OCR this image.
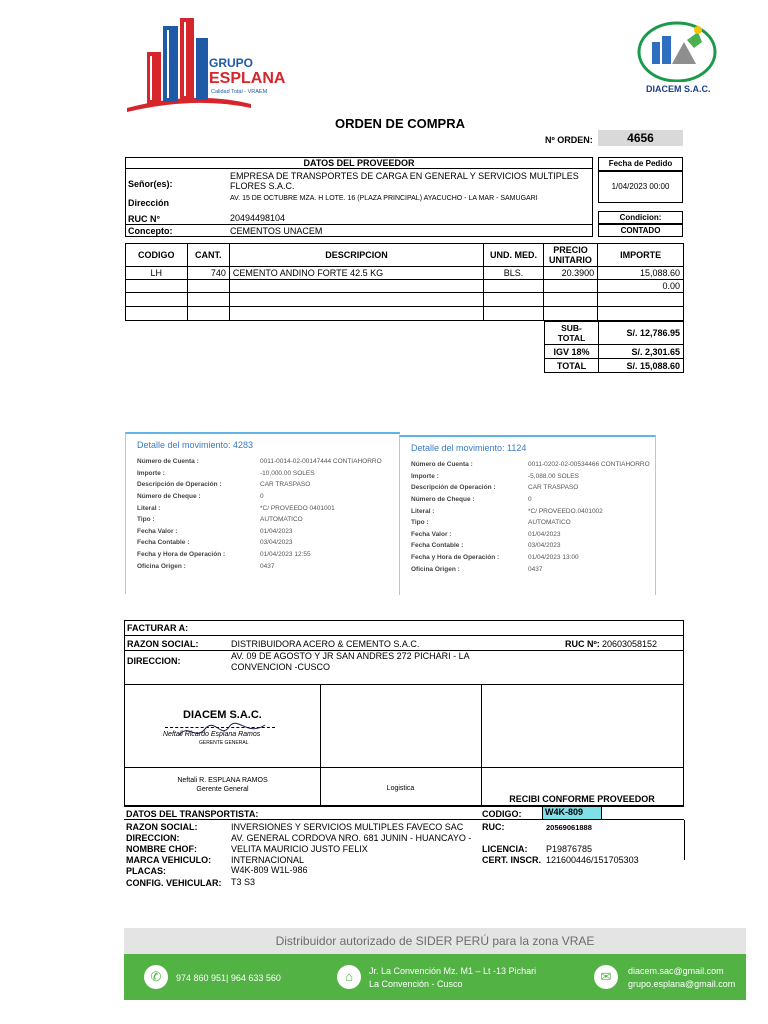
GRUPO
ESPLANA
Calidad Total - VRAEM	DIACEM S.A.C.
ORDEN DE COMPRA
Nº ORDEN:	4656
DATOS DEL PROVEEDOR
Señor(es):
EMPRESA DE TRANSPORTES DE CARGA EN GENERAL Y SERVICIOS MULTIPLES FLORES S.A.C.
Dirección	AV. 15 DE OCTUBRE MZA. H LOTE. 16 (PLAZA PRINCIPAL) AYACUCHO - LA MAR - SAMUGARI
RUC N°	20494498104
Concepto:	CEMENTOS UNACEM
Fecha de Pedido
1/04/2023 00:00
Condicion:
CONTADO
CODIGO	CANT.	DESCRIPCION	UND. MED.	PRECIO UNITARIO	IMPORTE
LH	740	CEMENTO ANDINO FORTE 42.5 KG	BLS.	20.3900	15,088.60
					0.00

SUB-TOTAL	S/. 12,786.95
IGV 18%	S/. 2,301.65
TOTAL	S/. 15,088.60
Detalle del movimiento: 4283
Número de Cuenta :	0011-0014-02-00147444 CONTIAHORRO
Importe :	-10,000.00 SOLES
Descripción de Operación :	CAR TRASPASO
Número de Cheque :	0
Literal :	*C/ PROVEEDO 0401001
Tipo :	AUTOMATICO
Fecha Valor :	01/04/2023
Fecha Contable :	03/04/2023
Fecha y Hora de Operación :	01/04/2023 12:55
Oficina Origen :	0437
Detalle del movimiento: 1124
Número de Cuenta :	0011-0202-02-00534466 CONTIAHORRO
Importe :	-5,088.00 SOLES
Descripción de Operación :	CAR TRASPASO
Número de Cheque :	0
Literal :	*C/ PROVEEDO.0401002
Tipo :	AUTOMATICO
Fecha Valor :	01/04/2023
Fecha Contable :	03/04/2023
Fecha y Hora de Operación :	01/04/2023 13:00
Oficina Origen :	0437
FACTURAR A:
RAZON SOCIAL:	DISTRIBUIDORA ACERO & CEMENTO S.A.C.	RUC Nº: 20603058152
DIRECCION:	AV. 09 DE AGOSTO Y JR SAN ANDRES 272 PICHARI - LA CONVENCION -CUSCO
DIACEM S.A.C.
Neftali Ricardo Esplana Ramos
GERENTE GENERAL
Neftali R. ESPLANA RAMOS
Gerente General	Logistica
RECIBI CONFORME PROVEEDOR
DATOS DEL TRANSPORTISTA:	CODIGO:	W4K-809
RAZON SOCIAL:	INVERSIONES Y SERVICIOS MULTIPLES FAVECO SAC RUC:	20569061888
DIRECCION:	AV. GENERAL CORDOVA NRO. 681 JUNIN - HUANCAYO -
NOMBRE CHOF:	VELITA MAURICIO JUSTO FELIX	LICENCIA: P19876785
MARCA VEHICULO: INTERNACIONAL	CERT. INSCR. 121600446/151705303
PLACAS:	W4K-809 W1L-986
CONFIG. VEHICULAR: T3 S3
Distribuidor autorizado de SIDER PERÚ para la zona VRAE
✆	974 860 951| 964 633 560	⌂	Jr. La Convención Mz. M1 – Lt -13 Pichari
La Convención - Cusco	✉	diacem.sac@gmail.com
grupo.esplana@gmail.com
